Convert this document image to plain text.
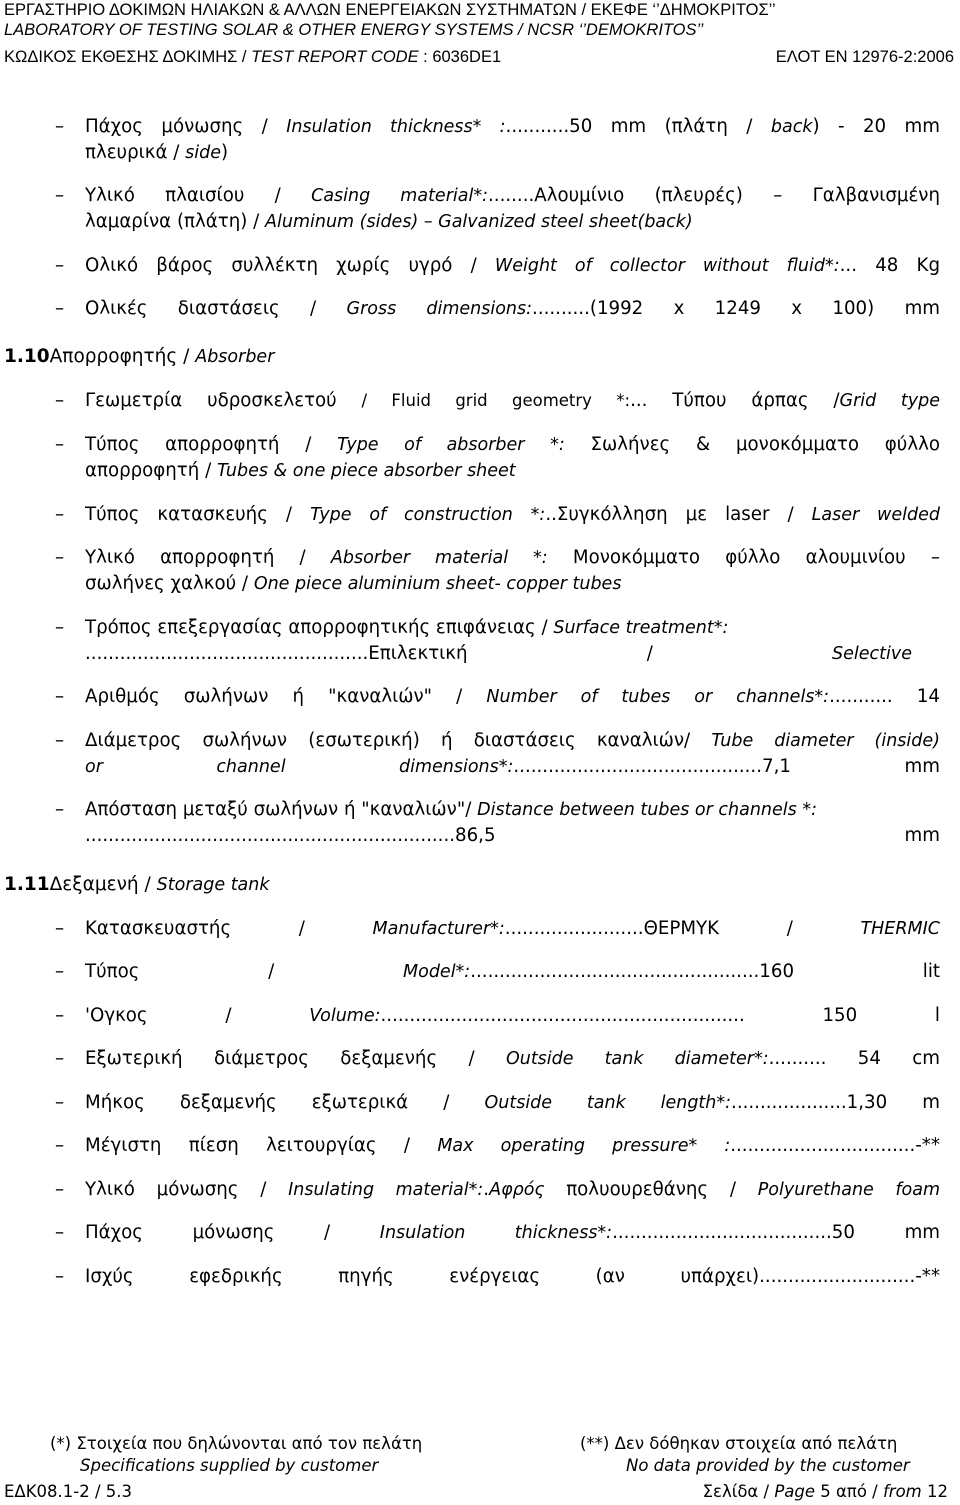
ΕΡΓΑΣΤΗΡΙΟ ΔΟΚΙΜΩΝ ΗΛΙΑΚΩΝ & ΑΛΛΩΝ ΕΝΕΡΓΕΙΑΚΩΝ ΣΥΣΤΗΜΑΤΩΝ / ΕΚΕΦΕ ‘’ΔΗΜΟΚΡΙΤΟΣ’’
LABORATORY OF TESTING SOLAR & OTHER ENERGY SYSTEMS / NCSR ‘’DEMOKRITOS’’
ΚΩΔΙΚΟΣ ΕΚΘΕΣΗΣ ΔΟΚΙΜΗΣ / TEST REPORT CODE : 6036DE1	ΕΛΟΤ ΕΝ 12976-2:2006
–	Πάχος μόνωσης / Insulation thickness* :...........50 mm (πλάτη / back) - 20 mm
πλευρικά / side)
–	Υλικό πλαισίου / Casing material*:........Αλουμίνιο (πλευρές) – Γαλβανισμένη
λαμαρίνα (πλάτη) / Aluminum (sides) – Galvanized steel sheet(back)
–	Ολικό βάρος συλλέκτη χωρίς υγρό / Weight of collector without fluid*:... 48 Kg
–	Ολικές διαστάσεις / Gross dimensions:..........(1992 x 1249 x 100) mm
1.10Απορροφητής / Absorber
–	Γεωμετρία υδροσκελετού / Fluid grid geometry *:... Τύπου άρπας /Grid type
–	Τύπος απορροφητή / Type of absorber *: Σωλήνες & μονοκόμματο φύλλο
απορροφητή / Tubes & one piece absorber sheet
–	Τύπος κατασκευής / Type of construction *:..Συγκόλληση με laser / Laser welded
–	Υλικό απορροφητή / Absorber material *: Μονοκόμματο φύλλο αλουμινίου –
σωλήνες χαλκού / One piece aluminium sheet- copper tubes
–	Τρόπος επεξεργασίας απορροφητικής επιφάνειας / Surface treatment*:
.................................................Επιλεκτική / Selective
–	Αριθμός σωλήνων ή "καναλιών" / Number of tubes or channels*:........... 14
–	Διάμετρος σωλήνων (εσωτερική) ή διαστάσεις καναλιών/ Tube diameter (inside)
or channel dimensions*:...........................................7,1 mm
–	Απόσταση μεταξύ σωλήνων ή "καναλιών"/ Distance between tubes or channels *:
................................................................86,5 mm
1.11Δεξαμενή / Storage tank
–	Κατασκευαστής / Manufacturer*:........................ΘΕΡΜΥΚ / THERMIC
–	Τύπος / Model*:..................................................160 lit
–	'Ογκος / Volume:...............................................................	150 l
–	Εξωτερική διάμετρος δεξαμενής / Outside tank diameter*:.......... 54 cm
–	Μήκος δεξαμενής εξωτερικά / Outside tank length*:....................1,30 m
–	Μέγιστη πίεση λειτουργίας / Max operating pressure* :................................-**
–	Υλικό μόνωσης / Insulating material*:.Αφρός πολυουρεθάνης / Polyurethane foam
–	Πάχος μόνωσης / Insulation thickness*:......................................50 mm
–	Ισχύς εφεδρικής πηγής ενέργειας (αν υπάρχει)...........................-**
(*) Στοιχεία που δηλώνονται από τον πελάτη
Specifications supplied by customer
(**) Δεν δόθηκαν στοιχεία από πελάτη
No data provided by the customer
ΕΔΚ08.1-2 / 5.3	Σελίδα / Page 5 από / from 12
